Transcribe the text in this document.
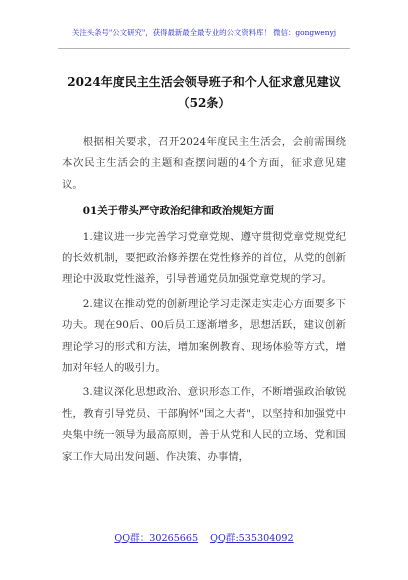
关注头条号"公文研究"，获得最新最全最专业的公文资料库！ 微信：gongwenyj
2024年度民主生活会领导班子和个人征求意见建议（52条）

根据相关要求，召开2024年度民主生活会，会前需围绕本次民主生活会的主题和查摆问题的4个方面，征求意见建议。

01关于带头严守政治纪律和政治规矩方面

1.建议进一步完善学习党章党规、遵守贯彻党章党规党纪的长效机制，要把政治修养摆在党性修养的首位，从党的创新理论中汲取党性滋养，引导普通党员加强党章党规的学习。

2.建议在推动党的创新理论学习走深走实走心方面要多下功夫。现在90后、00后员工逐渐增多，思想活跃，建议创新理论学习的形式和方法，增加案例教育、现场体验等方式，增加对年轻人的吸引力。

3.建议深化思想政治、意识形态工作，不断增强政治敏锐性，教育引导党员、干部胸怀"国之大者"，以坚持和加强党中央集中统一领导为最高原则，善于从党和人民的立场、党和国家工作大局出发问题、作决策、办事情，

QQ群：30265665 QQ群:535304092
